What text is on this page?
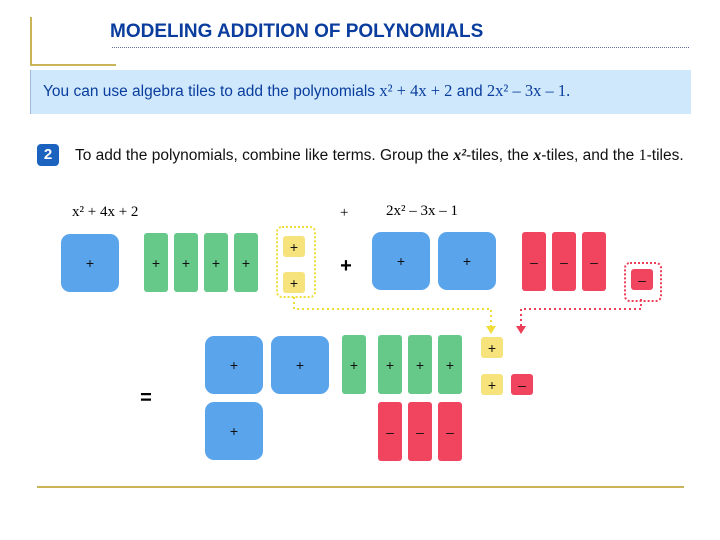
MODELING ADDITION OF POLYNOMIALS
You can use algebra tiles to add the polynomials x² + 4x + 2 and 2x² – 3x – 1.
2	To add the polynomials, combine like terms. Group the x²-tiles, the x-tiles, and the 1-tiles.
x² + 4x + 2	+	2x² – 3x – 1
+	+	+	+	+
+
+
+	+	+	–	–	–
–
=
+	+
+
+	+	+	+
–	–	–
+
+	–
